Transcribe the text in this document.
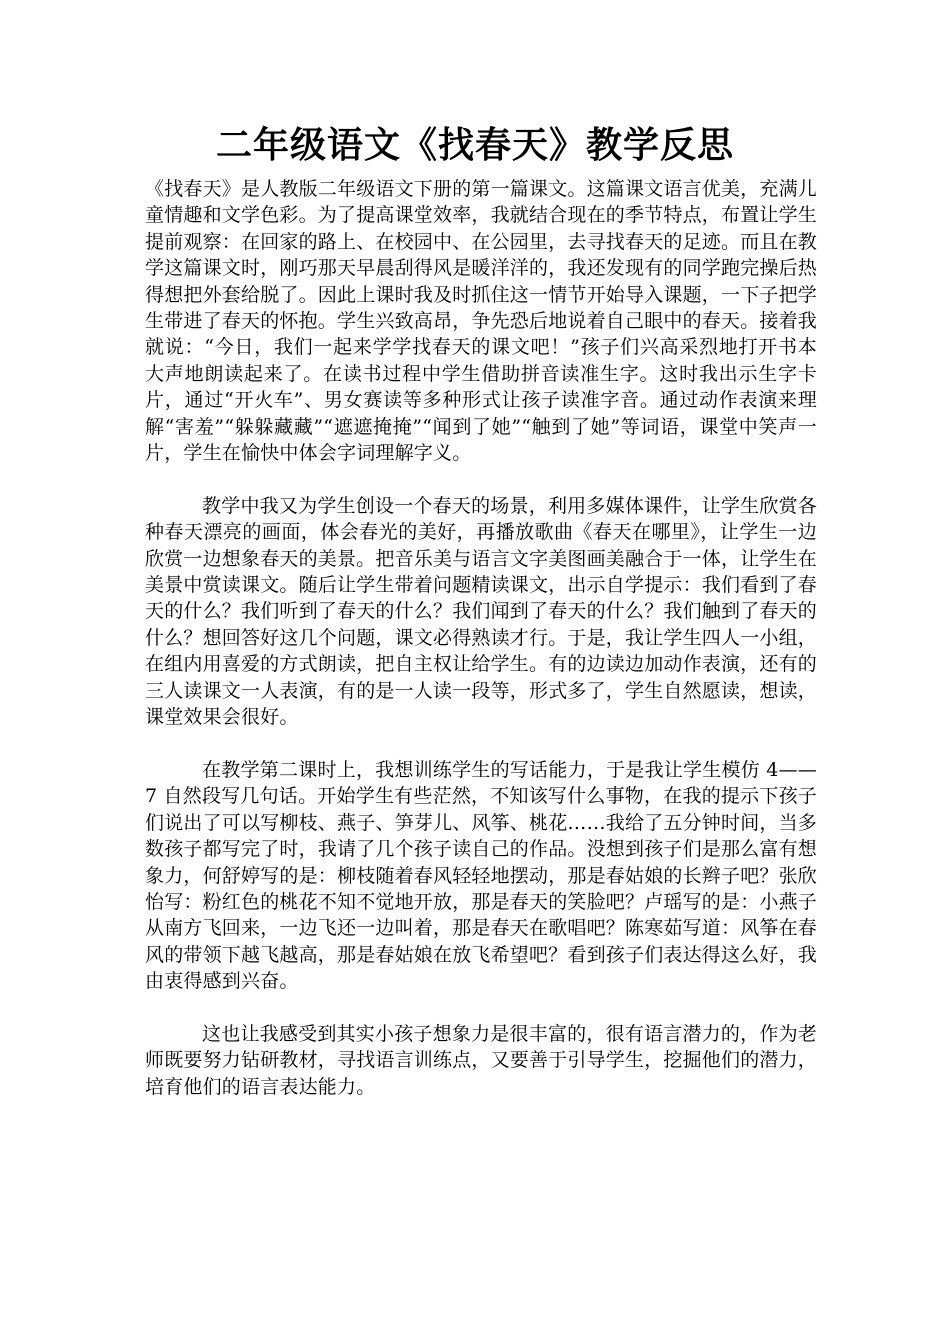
二年级语文《找春天》教学反思

《找春天》是人教版二年级语文下册的第一篇课文。这篇课文语言优美，充满儿童情趣和文学色彩。为了提高课堂效率，我就结合现在的季节特点，布置让学生提前观察：在回家的路上、在校园中、在公园里，去寻找春天的足迹。而且在教学这篇课文时，刚巧那天早晨刮得风是暖洋洋的，我还发现有的同学跑完操后热得想把外套给脱了。因此上课时我及时抓住这一情节开始导入课题，一下子把学生带进了春天的怀抱。学生兴致高昂，争先恐后地说着自己眼中的春天。接着我就说：“今日，我们一起来学学找春天的课文吧！”孩子们兴高采烈地打开书本大声地朗读起来了。在读书过程中学生借助拼音读准生字。这时我出示生字卡片，通过“开火车”、男女赛读等多种形式让孩子读准字音。通过动作表演来理解“害羞”“躲躲藏藏”“遮遮掩掩”“闻到了她”“触到了她”等词语，课堂中笑声一片，学生在愉快中体会字词理解字义。

教学中我又为学生创设一个春天的场景，利用多媒体课件，让学生欣赏各种春天漂亮的画面，体会春光的美好，再播放歌曲《春天在哪里》，让学生一边欣赏一边想象春天的美景。把音乐美与语言文字美图画美融合于一体，让学生在美景中赏读课文。随后让学生带着问题精读课文，出示自学提示：我们看到了春天的什么？我们听到了春天的什么？我们闻到了春天的什么？我们触到了春天的什么？想回答好这几个问题，课文必得熟读才行。于是，我让学生四人一小组，在组内用喜爱的方式朗读，把自主权让给学生。有的边读边加动作表演，还有的三人读课文一人表演，有的是一人读一段等，形式多了，学生自然愿读，想读，课堂效果会很好。

在教学第二课时上，我想训练学生的写话能力，于是我让学生模仿 4——7 自然段写几句话。开始学生有些茫然，不知该写什么事物，在我的提示下孩子们说出了可以写柳枝、燕子、笋芽儿、风筝、桃花……我给了五分钟时间，当多数孩子都写完了时，我请了几个孩子读自己的作品。没想到孩子们是那么富有想象力，何舒婷写的是：柳枝随着春风轻轻地摆动，那是春姑娘的长辫子吧？张欣怡写：粉红色的桃花不知不觉地开放，那是春天的笑脸吧？卢瑶写的是：小燕子从南方飞回来，一边飞还一边叫着，那是春天在歌唱吧？陈寒茹写道：风筝在春风的带领下越飞越高，那是春姑娘在放飞希望吧？看到孩子们表达得这么好，我由衷得感到兴奋。

这也让我感受到其实小孩子想象力是很丰富的，很有语言潜力的，作为老师既要努力钻研教材，寻找语言训练点，又要善于引导学生，挖掘他们的潜力，培育他们的语言表达能力。
